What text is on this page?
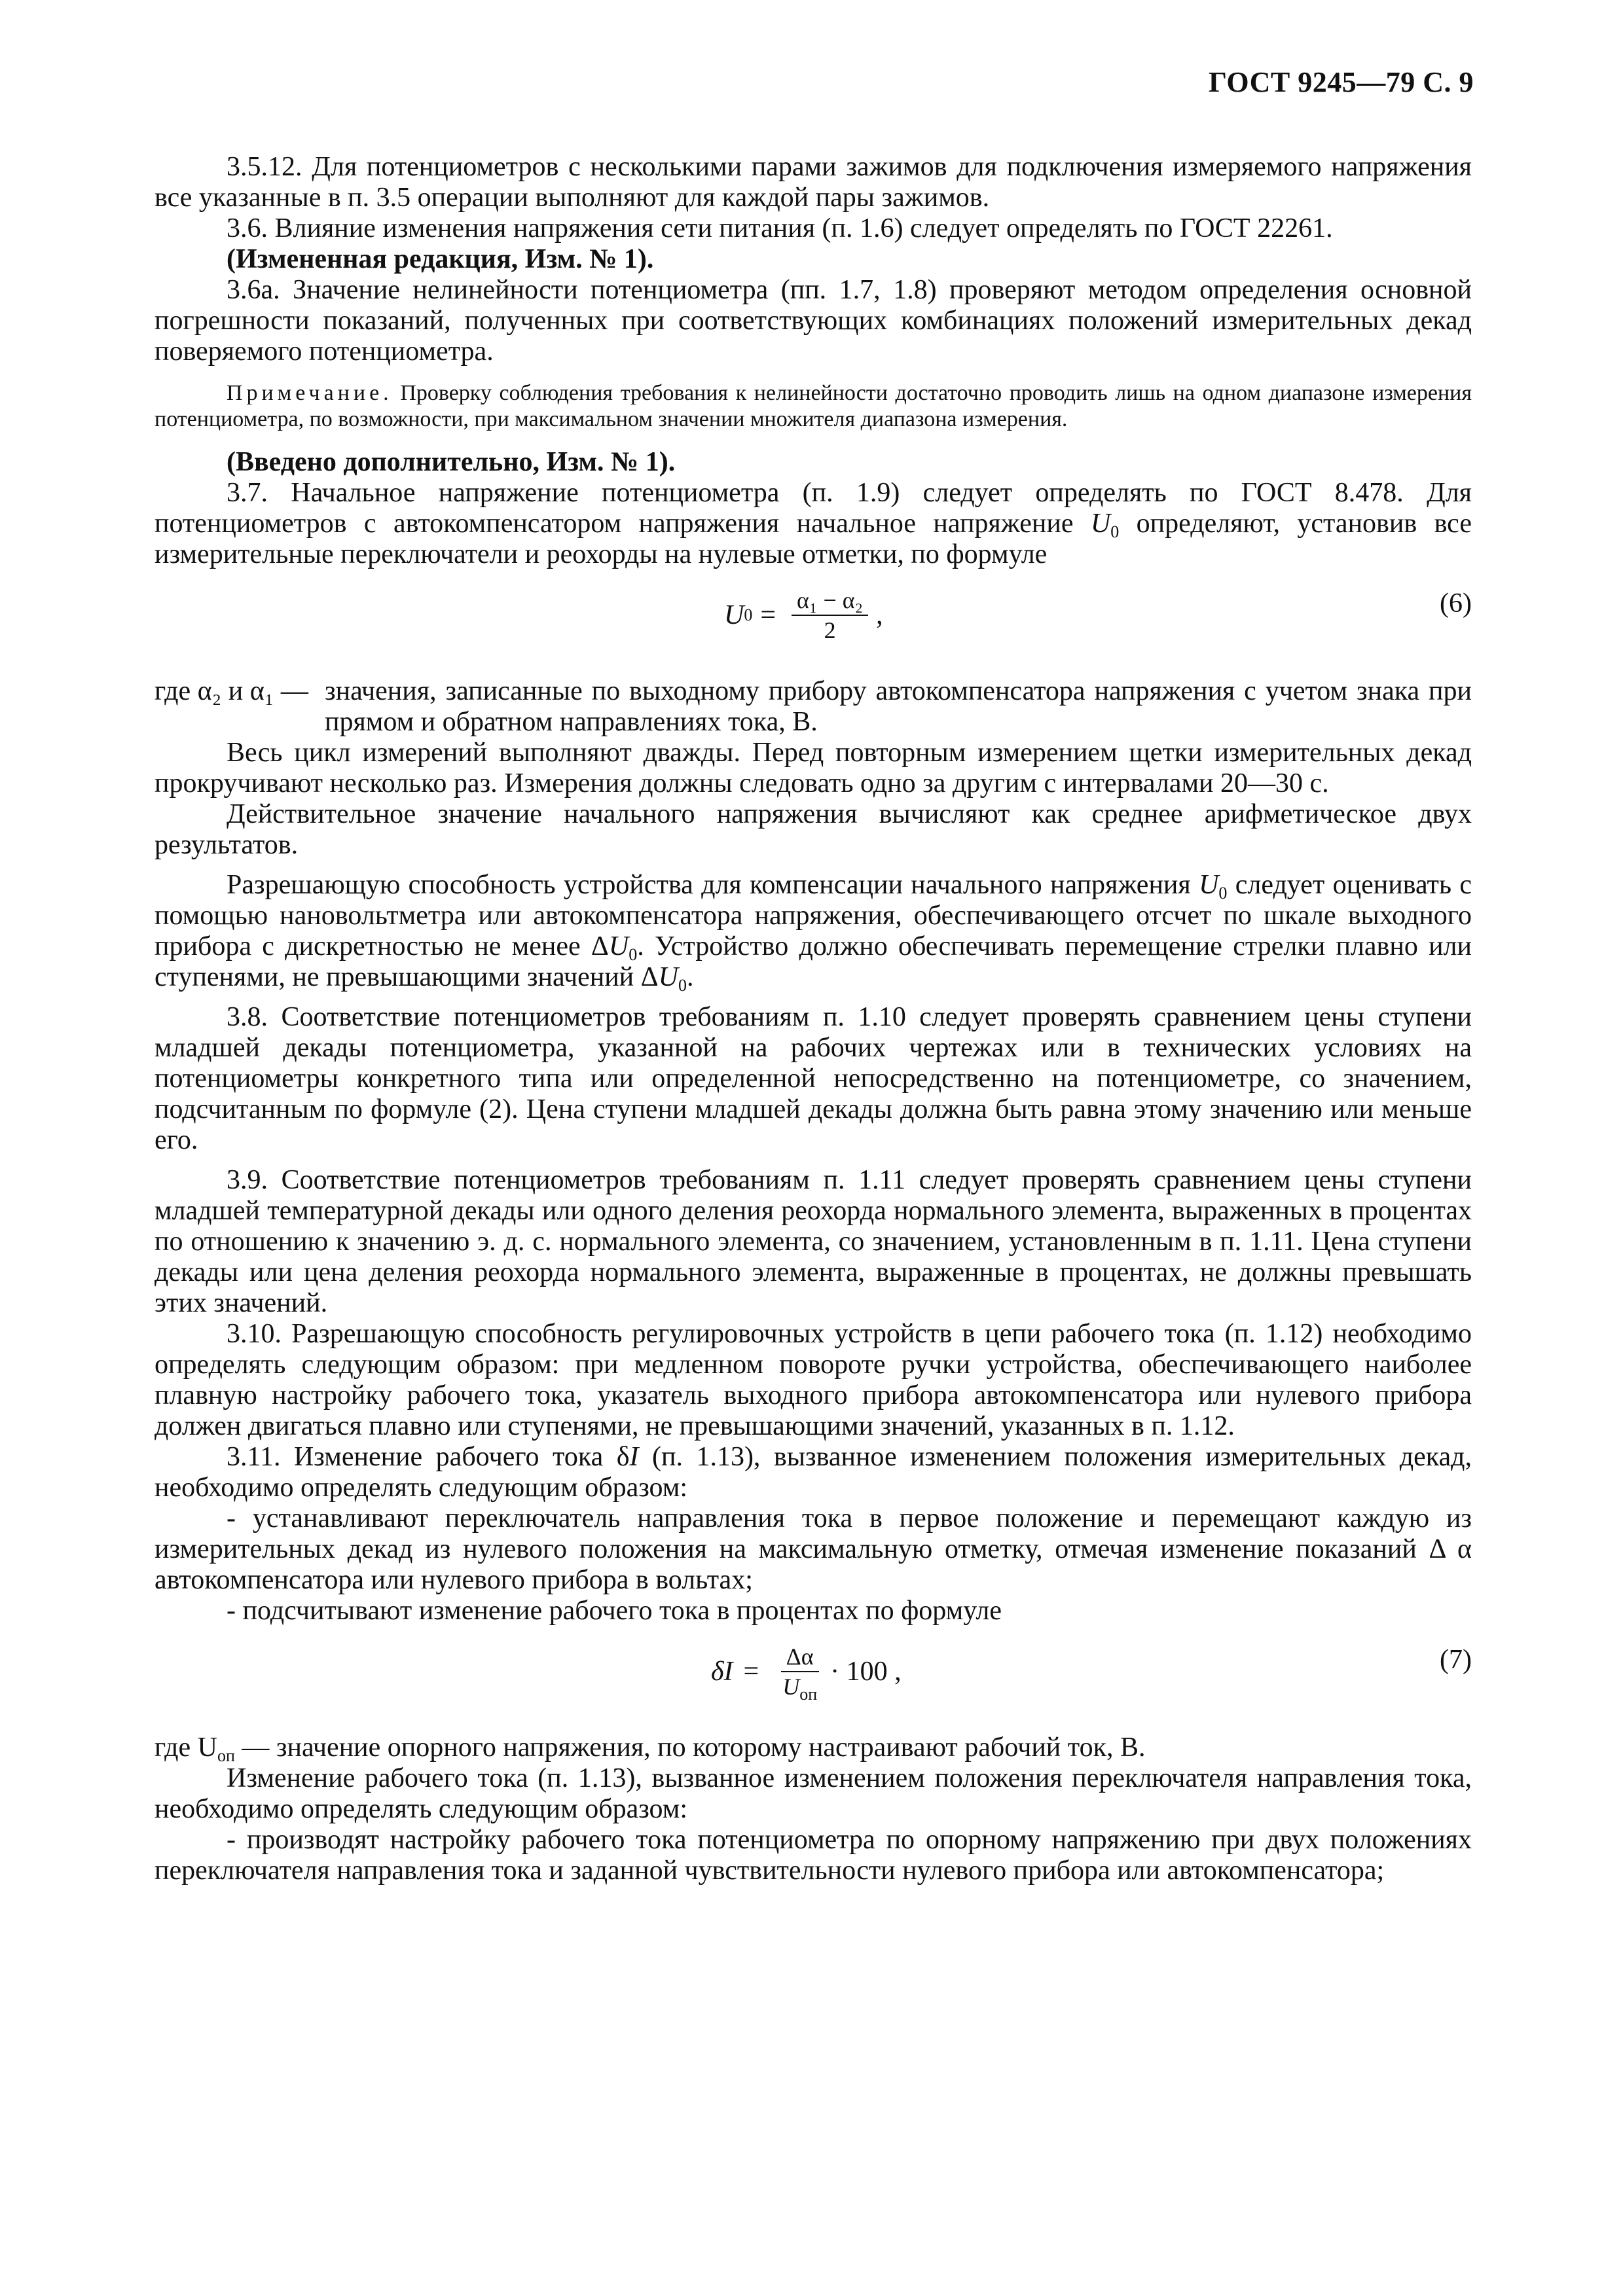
ГОСТ 9245—79 С. 9

3.5.12. Для потенциометров с несколькими парами зажимов для подключения измеряемого напряжения все указанные в п. 3.5 операции выполняют для каждой пары зажимов.

3.6. Влияние изменения напряжения сети питания (п. 1.6) следует определять по ГОСТ 22261.

(Измененная редакция, Изм. № 1).

3.6а. Значение нелинейности потенциометра (пп. 1.7, 1.8) проверяют методом определения основной погрешности показаний, полученных при соответствующих комбинациях положений измерительных декад поверяемого потенциометра.

Примечание. Проверку соблюдения требования к нелинейности достаточно проводить лишь на одном диапазоне измерения потенциометра, по возможности, при максимальном значении множителя диапазона измерения.

(Введено дополнительно, Изм. № 1).

3.7. Начальное напряжение потенциометра (п. 1.9) следует определять по ГОСТ 8.478. Для потенциометров с автокомпенсатором напряжения начальное напряжение $U_0$ определяют, установив все измерительные переключатели и реохорды на нулевые отметки, по формуле

U $0 = \frac{\text{α₁ − α₂}}{2}$ ,	(6)
где α₂ и α₁ — значения, записанные по выходному прибору автокомпенсатора напряжения с учетом знака при прямом и обратном направлениях тока, В.

Весь цикл измерений выполняют дважды. Перед повторным измерением щетки измерительных декад прокручивают несколько раз. Измерения должны следовать одно за другим с интервалами 20—30 с.

Действительное значение начального напряжения вычисляют как среднее арифметическое двух результатов.

Разрешающую способность устройства для компенсации начального напряжения $U_0$ следует оценивать с помощью нановольтметра или автокомпенсатора напряжения, обеспечивающего отсчет по шкале выходного прибора с дискретностью не менее $\Delta U_0$. Устройство должно обеспечивать перемещение стрелки плавно или ступенями, не превышающими значений $\Delta U_0$.

3.8. Соответствие потенциометров требованиям п. 1.10 следует проверять сравнением цены ступени младшей декады потенциометра, указанной на рабочих чертежах или в технических условиях на потенциометры конкретного типа или определенной непосредственно на потенциометре, со значением, подсчитанным по формуле (2). Цена ступени младшей декады должна быть равна этому значению или меньше его.

3.9. Соответствие потенциометров требованиям п. 1.11 следует проверять сравнением цены ступени младшей температурной декады или одного деления реохорда нормального элемента, выраженных в процентах по отношению к значению э. д. с. нормального элемента, со значением, установленным в п. 1.11. Цена ступени декады или цена деления реохорда нормального элемента, выраженные в процентах, не должны превышать этих значений.

3.10. Разрешающую способность регулировочных устройств в цепи рабочего тока (п. 1.12) необходимо определять следующим образом: при медленном повороте ручки устройства, обеспечивающего наиболее плавную настройку рабочего тока, указатель выходного прибора автокомпенсатора или нулевого прибора должен двигаться плавно или ступенями, не превышающими значений, указанных в п. 1.12.

3.11. Изменение рабочего тока δI (п. 1.13), вызванное изменением положения измерительных декад, необходимо определять следующим образом:

- устанавливают переключатель направления тока в первое положение и перемещают каждую из измерительных декад из нулевого положения на максимальную отметку, отмечая изменение показаний Δ α автокомпенсатора или нулевого прибора в вольтах;

- подсчитывают изменение рабочего тока в процентах по формуле

$\delta I = \frac{\Delta\alpha}{U_{оп}} \cdot 100$ ,	(7)

где $U_{оп}$ — значение опорного напряжения, по которому настраивают рабочий ток, В.

Изменение рабочего тока (п. 1.13), вызванное изменением положения переключателя направления тока, необходимо определять следующим образом:

- производят настройку рабочего тока потенциометра по опорному напряжению при двух положениях переключателя направления тока и заданной чувствительности нулевого прибора или автокомпенсатора;
